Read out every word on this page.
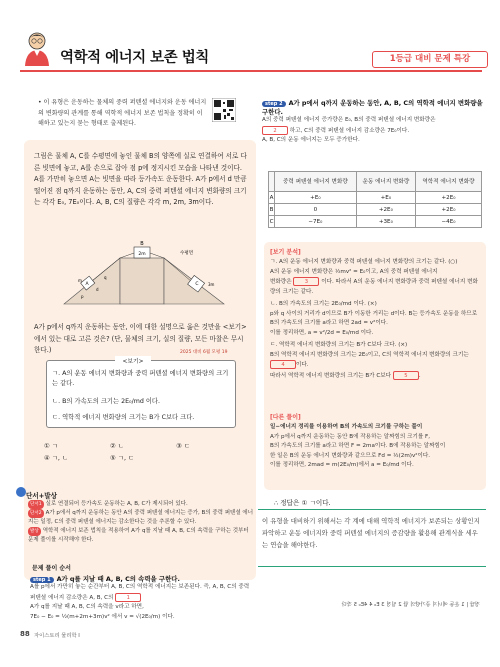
역학적 에너지 보존 법칙	1등급 대비 문제 특강
• 이 유형은 운동하는 물체의 중력 퍼텐셜 에너지와 운동 에너지의 변화량의 관계를 통해 역학적 에너지 보존 법칙을 정확히 이해하고 있는지 묻는 형태로 출제된다.
그림은 물체 A, C를 수평면에 놓인 물체 B의 양쪽에 실로 연결하여 서로 다른 빗면에 놓고, A를 손으로 잡아 점 p에 정지시킨 모습을 나타낸 것이다. A를 가만히 놓으면 A는 빗면을 따라 등가속도 운동한다. A가 p에서 d 만큼 떨어진 점 q까지 운동하는 동안, A, C의 중력 퍼텐셜 에너지 변화량의 크기는 각각 E₀, 7E₀이다. A, B, C의 질량은 각각 m, 2m, 3m이다.
B
2m	수평면
A	C
m
3m
p
q
d
A가 p에서 q까지 운동하는 동안, 이에 대한 설명으로 옳은 것만을 <보기>에서 있는 대로 고른 것은? (단, 물체의 크기, 실의 질량, 모든 마찰은 무시한다.)	2025 대비 6월 모평 19
<보기>
ㄱ. A의 운동 에너지 변화량과 중력 퍼텐셜 에너지 변화량의 크기는 같다.
ㄴ. B의 가속도의 크기는 2E₀/md 이다.
ㄷ. 역학적 에너지 변화량의 크기는 B가 C보다 크다.
① ㄱ	② ㄴ	③ ㄷ
④ ㄱ, ㄴ	⑤ ㄱ, ㄷ
단서+발상
단서1 실로 연결되어 등가속도 운동하는 A, B, C가 제시되어 있다.
단서2 A가 p에서 q까지 운동하는 동안 A의 중력 퍼텐셜 에너지는 증가, B의 중력 퍼텐셜 에너지는 일정, C의 중력 퍼텐셜 에너지는 감소한다는 것을 추론할 수 있다.
발상 역학적 에너지 보존 법칙을 적용하여 A가 q를 지날 때 A, B, C의 속력을 구하는 것부터 문제 풀이를 시작해야 한다.
문제 풀이 순서
step 1 A가 q를 지날 때 A, B, C의 속력을 구한다.
A를 p에서 가만히 놓는 순간부터 A, B, C의 역학적 에너지는 보존된다. 즉, A, B, C의 중력 퍼텐셜 에너지 감소량은 A, B, C의	1
A가 q를 지날 때 A, B, C의 속력을 v라고 하면,
7E₀ − E₀ = ½(m+2m+3m)v² 에서 v = √(2E₀/m) 이다.
88 자이스토리 물리학 Ⅰ
step 2 A가 p에서 q까지 운동하는 동안, A, B, C의 역학적 에너지 변화량을 구한다.
A의 중력 퍼텐셜 에너지 증가량은 E₀, B의 중력 퍼텐셜 에너지 변화량은
2 하고, C의 중력 퍼텐셜 에너지 감소량은 7E₀이다.
A, B, C의 운동 에너지는 모두 증가한다.
	중력 퍼텐셜 에너지 변화량	운동 에너지 변화량	역학적 에너지 변화량
A	+E₀	+E₀	+2E₀
B	0	+2E₀	+2E₀
C	−7E₀	+3E₀	−4E₀
[보기 분석]
ㄱ. A의 운동 에너지 변화량과 중력 퍼텐셜 에너지 변화량의 크기는 같다. (○)
A의 운동 에너지 변화량은 ½mv² = E₀이고, A의 중력 퍼텐셜 에너지
변화량은	3 이다. 따라서 A의 운동 에너지 변화량과 중력 퍼텐셜 에너지 변화량의 크기는 같다.
ㄴ. B의 가속도의 크기는 2E₀/md 이다. (×)
p와 q 사이의 거리가 d이므로 B가 이동한 거리는 d이다. B는 등가속도 운동을 하므로 B의 가속도의 크기를 a라고 하면 2ad = v²이다.
이를 정리하면, a = v²/2d = E₀/md 이다.
ㄷ. 역학적 에너지 변화량의 크기는 B가 C보다 크다. (×)
B의 역학적 에너지 변화량의 크기는 2E₀이고, C의 역학적 에너지 변화량의 크기는 4 이다.
따라서 역학적 에너지 변화량의 크기는 B가 C보다	5 .
[다른 풀이]
일−에너지 정리를 이용하여 B의 가속도의 크기를 구하는 풀이
A가 p에서 q까지 운동하는 동안 B에 작용하는 알짜힘의 크기를 F,
B의 가속도의 크기를 a라고 하면 F = 2ma이다. B에 작용하는 알짜힘이
한 일은 B의 운동 에너지 변화량과 같으므로 Fd = ½(2m)v²이다.
이를 정리하면, 2mad = m(2E₀/m)에서 a = E₀/md 이다.
∴ 정답은 ① ㄱ이다.
이 유형을 대비하기 위해서는 각 계에 대해 역학적 에너지가 보존되는 상황인지 파악하고 운동 에너지와 중력 퍼텐셜 에너지의 증감량을 활용해 관계식을 세우는 연습을 해야한다.
정답 | 1 운동 에너지 증가량의 합 2 일정 3 E₀ 4 4E₀ 5 작다
